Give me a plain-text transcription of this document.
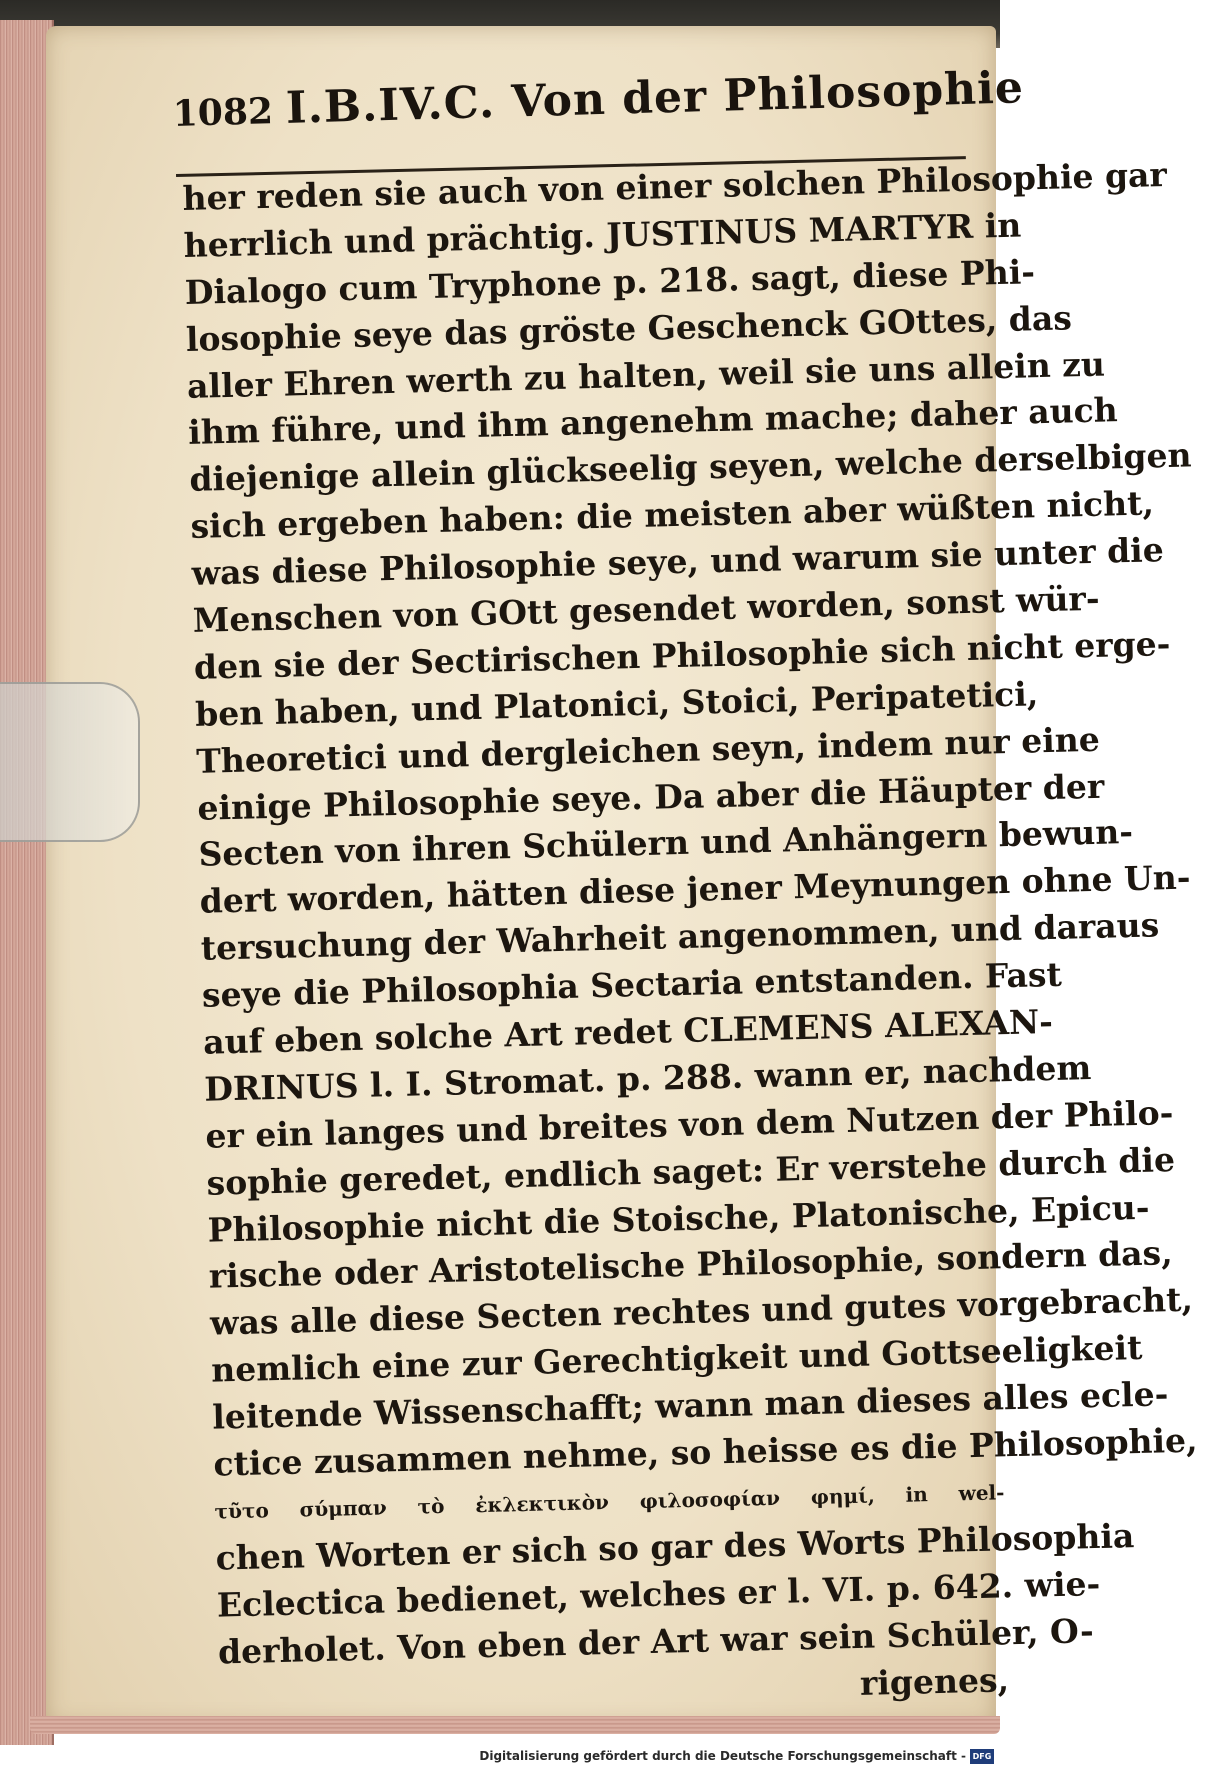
1082 I.B.IV.C. Von der Philosophie
her reden sie auch von einer solchen Philosophie gar
herrlich und prächtig. JUSTINUS MARTYR in
Dialogo cum Tryphone p. 218. sagt, diese Phi-
losophie seye das gröste Geschenck GOttes, das
aller Ehren werth zu halten, weil sie uns allein zu
ihm führe, und ihm angenehm mache; daher auch
diejenige allein glückseelig seyen, welche derselbigen
sich ergeben haben: die meisten aber wüßten nicht,
was diese Philosophie seye, und warum sie unter die
Menschen von GOtt gesendet worden, sonst wür-
den sie der Sectirischen Philosophie sich nicht erge-
ben haben, und Platonici, Stoici, Peripatetici,
Theoretici und dergleichen seyn, indem nur eine
einige Philosophie seye. Da aber die Häupter der
Secten von ihren Schülern und Anhängern bewun-
dert worden, hätten diese jener Meynungen ohne Un-
tersuchung der Wahrheit angenommen, und daraus
seye die Philosophia Sectaria entstanden. Fast
auf eben solche Art redet CLEMENS ALEXAN-
DRINUS l. I. Stromat. p. 288. wann er, nachdem
er ein langes und breites von dem Nutzen der Philo-
sophie geredet, endlich saget: Er verstehe durch die
Philosophie nicht die Stoische, Platonische, Epicu-
rische oder Aristotelische Philosophie, sondern das,
was alle diese Secten rechtes und gutes vorgebracht,
nemlich eine zur Gerechtigkeit und Gottseeligkeit
leitende Wissenschafft; wann man dieses alles ecle-
ctice zusammen nehme, so heisse es die Philosophie,
τῦτο σύμπαν τὸ ἐκλεκτικὸν φιλοσοφίαν φημί, in wel-
chen Worten er sich so gar des Worts Philosophia
Eclectica bedienet, welches er l. VI. p. 642. wie-
derholet. Von eben der Art war sein Schüler, O-
rigenes,
Digitalisierung gefördert durch die Deutsche Forschungsgemeinschaft - DFG
